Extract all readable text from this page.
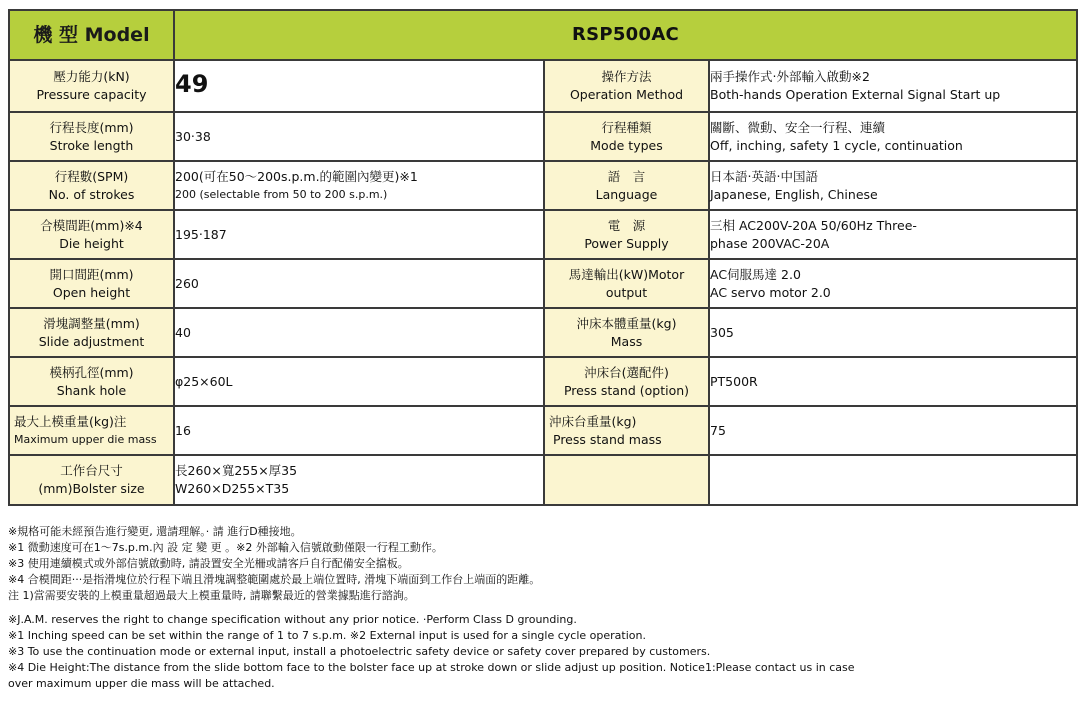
機 型 Model	RSP500AC		

壓力能力(kN)
Pressure capacity	49	操作方法
Operation Method	兩手操作式‧外部輸入啟動※2
Both-hands Operation External Signal Start up

行程長度(mm)
Stroke length	30‧38	行程種類
Mode types	關斷、微動、安全一行程、連續
Off, inching, safety 1 cycle, continuation

行程數(SPM)
No. of strokes	200(可在50～200s.p.m.的範圍內變更)※1
200 (selectable from 50 to 200 s.p.m.)	語　言
Language	日本語‧英語‧中国語
Japanese, English, Chinese

合模間距(mm)※4
Die height	195‧187	電　源
Power Supply	三相 AC200V-20A 50/60Hz Three-
phase 200VAC-20A

開口間距(mm)
Open height	260	馬達輸出(kW)Motor
output	AC伺服馬達 2.0
AC servo motor 2.0

滑塊調整量(mm)
Slide adjustment	40	沖床本體重量(kg)
Mass	305

模柄孔徑(mm)
Shank hole	φ25×60L	沖床台(選配件)
Press stand (option)	PT500R

最大上模重量(kg)注
Maximum upper die mass	16	沖床台重量(kg)
Press stand mass	75

工作台尺寸
(mm)Bolster size	長260×寬255×厚35
W260×D255×T35		

※規格可能未經預告進行變更, 還請理解。‧ 請 進行D種接地。
※1 微動速度可在1～7s.p.m.內 設 定 變 更 。※2 外部輸入信號啟動僅限一行程工動作。
※3 使用連續模式或外部信號啟動時, 請設置安全光柵或請客戶自行配備安全擋板。
※4 合模間距‧‧‧是指滑塊位於行程下端且滑塊調整範圍處於最上端位置時, 滑塊下端面到工作台上端面的距離。
注 1)當需要安裝的上模重量超過最大上模重量時, 請聯繫最近的營業據點進行諮詢。
※J.A.M. reserves the right to change specification without any prior notice. ‧Perform Class D grounding.
※1 Inching speed can be set within the range of 1 to 7 s.p.m. ※2 External input is used for a single cycle operation.
※3 To use the continuation mode or external input, install a photoelectric safety device or safety cover prepared by customers.
※4 Die Height:The distance from the slide bottom face to the bolster face up at stroke down or slide adjust up position. Notice1:Please contact us in case
over maximum upper die mass will be attached.
